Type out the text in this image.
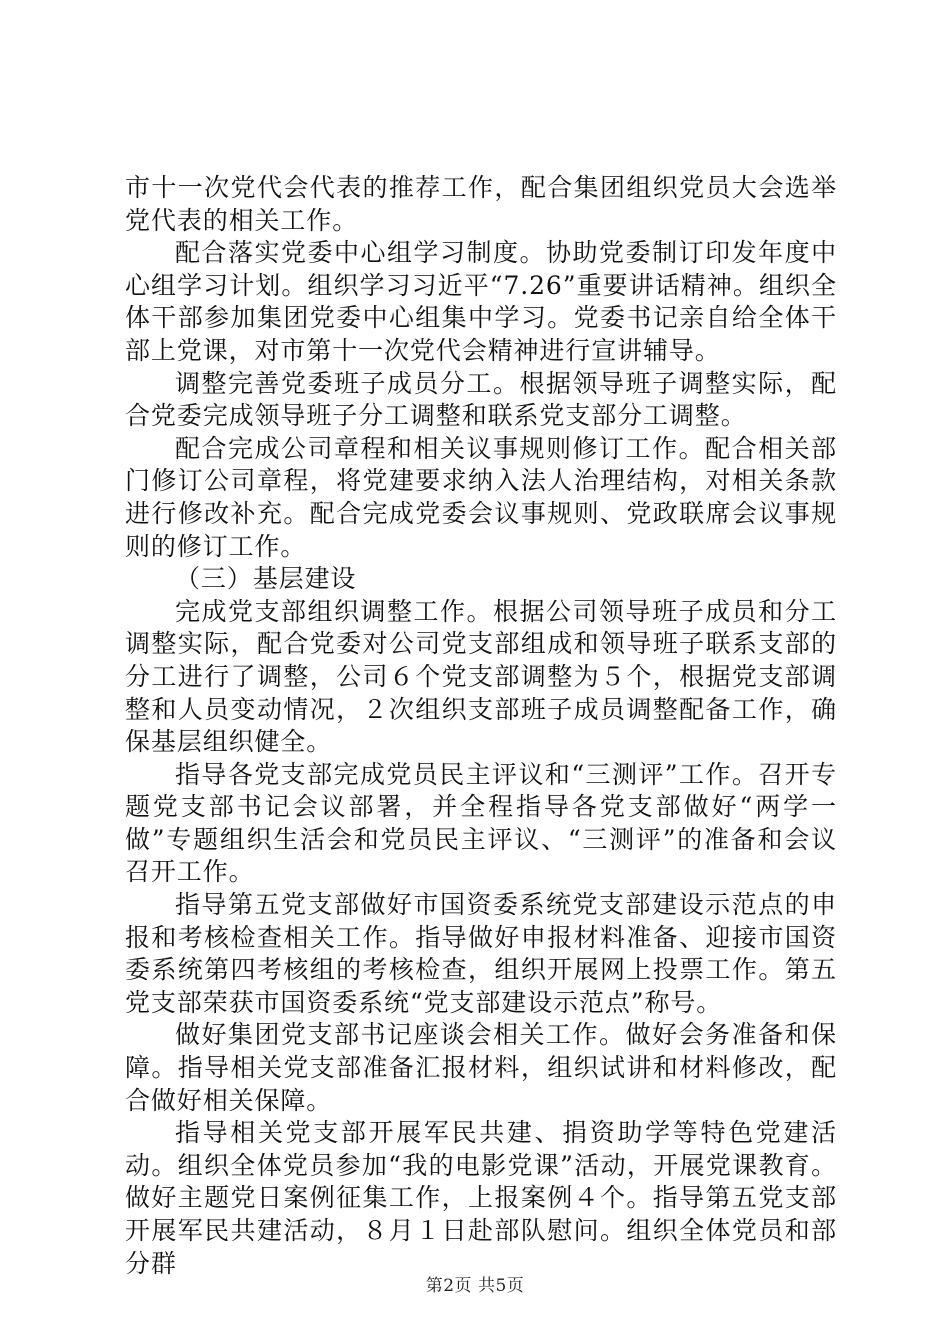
市十一次党代会代表的推荐工作，配合集团组织党员大会选举党代表的相关工作。

配合落实党委中心组学习制度。协助党委制订印发年度中心组学习计划。组织学习习近平“7.26”重要讲话精神。组织全体干部参加集团党委中心组集中学习。党委书记亲自给全体干部上党课，对市第十一次党代会精神进行宣讲辅导。

调整完善党委班子成员分工。根据领导班子调整实际，配合党委完成领导班子分工调整和联系党支部分工调整。

配合完成公司章程和相关议事规则修订工作。配合相关部门修订公司章程，将党建要求纳入法人治理结构，对相关条款进行修改补充。配合完成党委会议事规则、党政联席会议事规则的修订工作。

（三）基层建设

完成党支部组织调整工作。根据公司领导班子成员和分工调整实际，配合党委对公司党支部组成和领导班子联系支部的分工进行了调整，公司６个党支部调整为５个，根据党支部调整和人员变动情况，２次组织支部班子成员调整配备工作，确保基层组织健全。

指导各党支部完成党员民主评议和“三测评”工作。召开专题党支部书记会议部署，并全程指导各党支部做好“两学一做”专题组织生活会和党员民主评议、“三测评”的准备和会议召开工作。

指导第五党支部做好市国资委系统党支部建设示范点的申报和考核检查相关工作。指导做好申报材料准备、迎接市国资委系统第四考核组的考核检查，组织开展网上投票工作。第五党支部荣获市国资委系统“党支部建设示范点”称号。

做好集团党支部书记座谈会相关工作。做好会务准备和保障。指导相关党支部准备汇报材料，组织试讲和材料修改，配合做好相关保障。

指导相关党支部开展军民共建、捐资助学等特色党建活动。组织全体党员参加“我的电影党课”活动，开展党课教育。做好主题党日案例征集工作，上报案例４个。指导第五党支部开展军民共建活动，８月１日赴部队慰问。组织全体党员和部分群

第2页 共5页
